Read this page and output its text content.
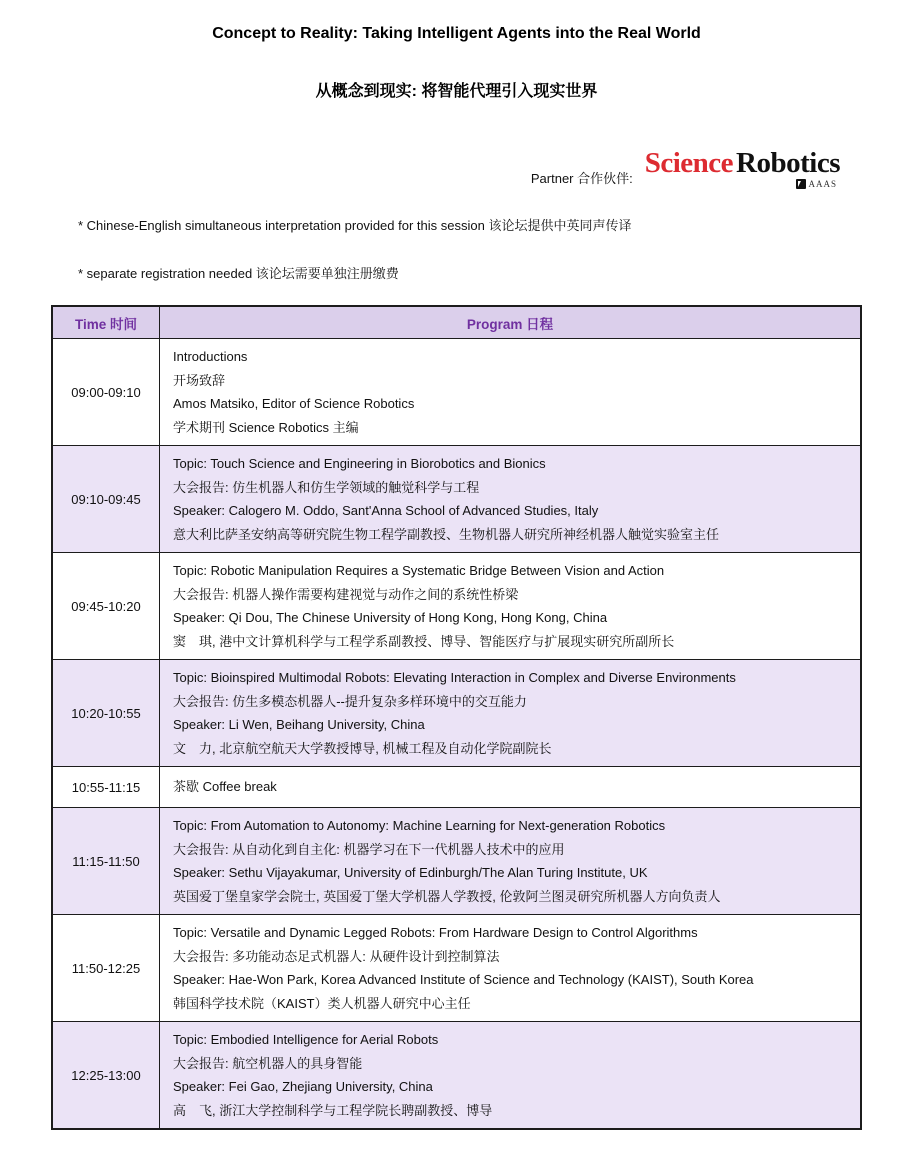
Concept to Reality: Taking Intelligent Agents into the Real World
从概念到现实: 将智能代理引入现实世界
Partner 合作伙伴: Science Robotics
AAAS

* Chinese-English simultaneous interpretation provided for this session 该论坛提供中英同声传译

* separate registration needed 该论坛需要单独注册缴费

Time 时间	Program 日程
09:00-09:10
Introductions
开场致辞
Amos Matsiko, Editor of Science Robotics
学术期刊 Science Robotics 主编
09:10-09:45
Topic: Touch Science and Engineering in Biorobotics and Bionics
大会报告: 仿生机器人和仿生学领域的触觉科学与工程
Speaker: Calogero M. Oddo, Sant'Anna School of Advanced Studies, Italy
意大利比萨圣安纳高等研究院生物工程学副教授、生物机器人研究所神经机器人触觉实验室主任
09:45-10:20
Topic: Robotic Manipulation Requires a Systematic Bridge Between Vision and Action
大会报告: 机器人操作需要构建视觉与动作之间的系统性桥梁
Speaker: Qi Dou, The Chinese University of Hong Kong, Hong Kong, China
窦　琪, 港中文计算机科学与工程学系副教授、博导、智能医疗与扩展现实研究所副所长
10:20-10:55
Topic: Bioinspired Multimodal Robots: Elevating Interaction in Complex and Diverse Environments
大会报告: 仿生多模态机器人--提升复杂多样环境中的交互能力
Speaker: Li Wen, Beihang University, China
文　力, 北京航空航天大学教授博导, 机械工程及自动化学院副院长
10:55-11:15	茶歇 Coffee break
11:15-11:50
Topic: From Automation to Autonomy: Machine Learning for Next-generation Robotics
大会报告: 从自动化到自主化: 机器学习在下一代机器人技术中的应用
Speaker: Sethu Vijayakumar, University of Edinburgh/The Alan Turing Institute, UK
英国爱丁堡皇家学会院士, 英国爱丁堡大学机器人学教授, 伦敦阿兰图灵研究所机器人方向负责人
11:50-12:25
Topic: Versatile and Dynamic Legged Robots: From Hardware Design to Control Algorithms
大会报告: 多功能动态足式机器人: 从硬件设计到控制算法
Speaker: Hae-Won Park, Korea Advanced Institute of Science and Technology (KAIST), South Korea
韩国科学技术院（KAIST）类人机器人研究中心主任
12:25-13:00
Topic: Embodied Intelligence for Aerial Robots
大会报告: 航空机器人的具身智能
Speaker: Fei Gao, Zhejiang University, China
高　飞, 浙江大学控制科学与工程学院长聘副教授、博导
